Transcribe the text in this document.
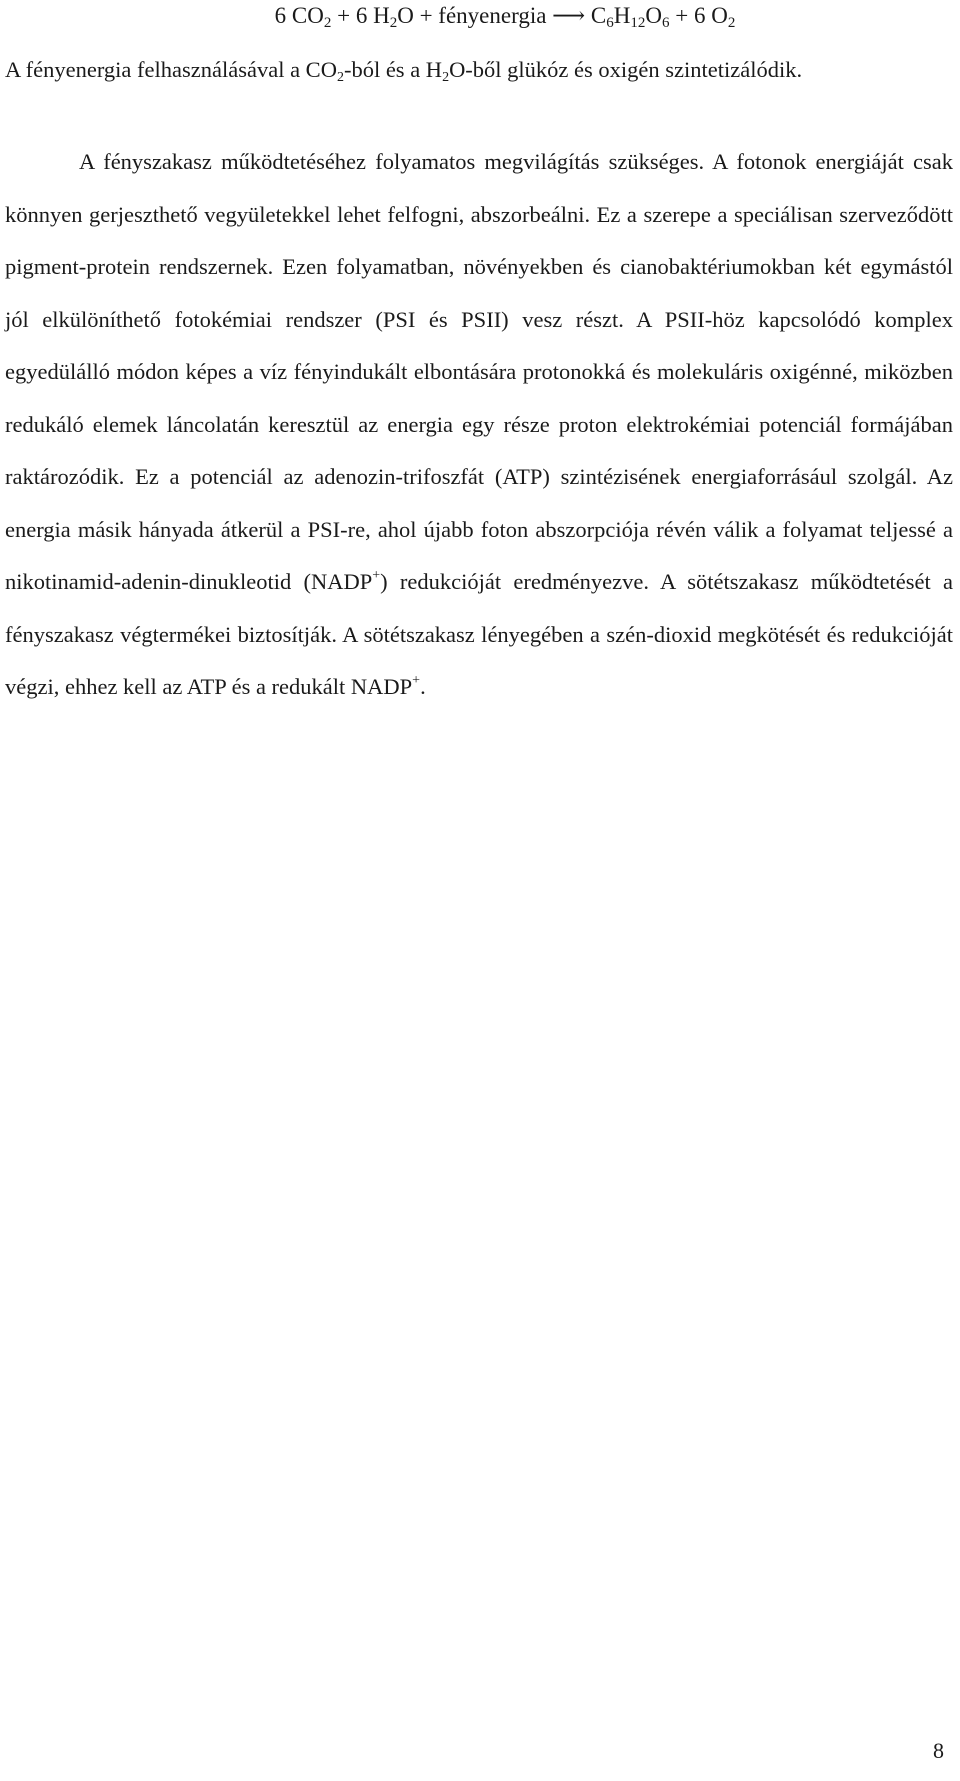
6 $CO_2 + 6$ $H_2O$ + fényenergia ⟶ $C_6H_{12}O_6 + 6$ $O_2$

A fényenergia felhasználásával a $CO_2$-ból és a $H_2O$-ből glükóz és oxigén szintetizálódik.

A fényszakasz működtetéséhez folyamatos megvilágítás szükséges. A fotonok energiáját csak könnyen gerjeszthető vegyületekkel lehet felfogni, abszorbeálni. Ez a szerepe a speciálisan szerveződött pigment-protein rendszernek. Ezen folyamatban, növényekben és cianobaktériumokban két egymástól jól elkülöníthető fotokémiai rendszer (PSI és PSII) vesz részt. A PSII-höz kapcsolódó komplex egyedülálló módon képes a víz fényindukált elbontására protonokká és molekuláris oxigénné, miközben redukáló elemek láncolatán keresztül az energia egy része proton elektrokémiai potenciál formájában raktározódik. Ez a potenciál az adenozin-trifoszfát (ATP) szintézisének energiaforrásául szolgál. Az energia másik hányada átkerül a PSI-re, ahol újabb foton abszorpciója révén válik a folyamat teljessé a nikotinamid-adenin-dinukleotid (NADP+) redukcióját eredményezve. A sötétszakasz működtetését a fényszakasz végtermékei biztosítják. A sötétszakasz lényegében a szén-dioxid megkötését és redukcióját végzi, ehhez kell az ATP és a redukált NADP+.

8
